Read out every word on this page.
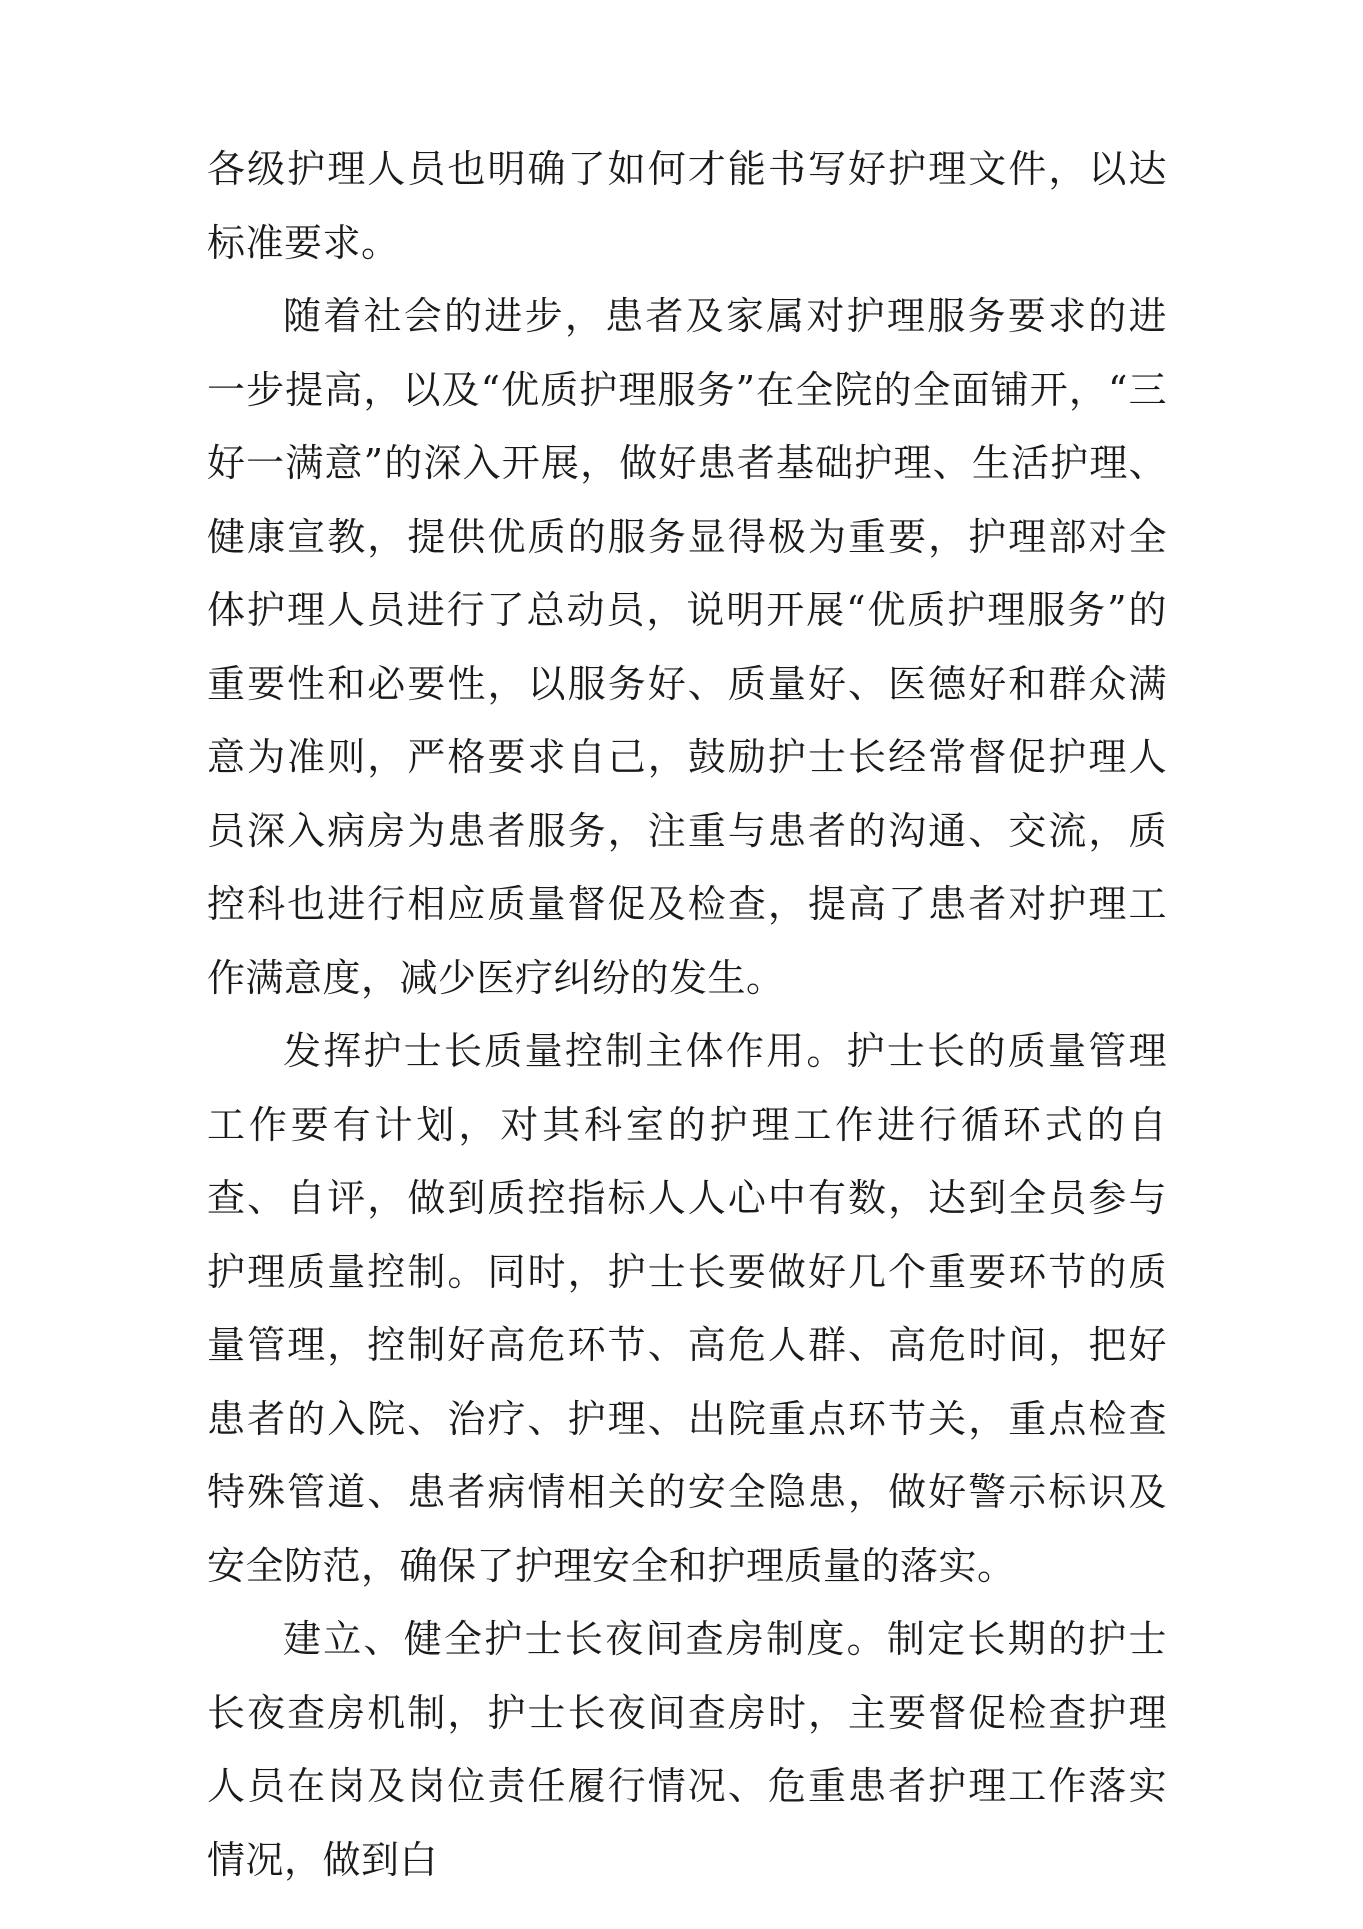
各级护理人员也明确了如何才能书写好护理文件，以达标准要求。

随着社会的进步，患者及家属对护理服务要求的进一步提高，以及“优质护理服务”在全院的全面铺开，“三好一满意”的深入开展，做好患者基础护理、生活护理、健康宣教，提供优质的服务显得极为重要，护理部对全体护理人员进行了总动员，说明开展“优质护理服务”的重要性和必要性，以服务好、质量好、医德好和群众满意为准则，严格要求自己，鼓励护士长经常督促护理人员深入病房为患者服务，注重与患者的沟通、交流，质控科也进行相应质量督促及检查，提高了患者对护理工作满意度，减少医疗纠纷的发生。

发挥护士长质量控制主体作用。护士长的质量管理工作要有计划，对其科室的护理工作进行循环式的自查、自评，做到质控指标人人心中有数，达到全员参与护理质量控制。同时，护士长要做好几个重要环节的质量管理，控制好高危环节、高危人群、高危时间，把好患者的入院、治疗、护理、出院重点环节关，重点检查特殊管道、患者病情相关的安全隐患，做好警示标识及安全防范，确保了护理安全和护理质量的落实。

建立、健全护士长夜间查房制度。制定长期的护士长夜查房机制，护士长夜间查房时，主要督促检查护理人员在岗及岗位责任履行情况、危重患者护理工作落实情况，做到白
